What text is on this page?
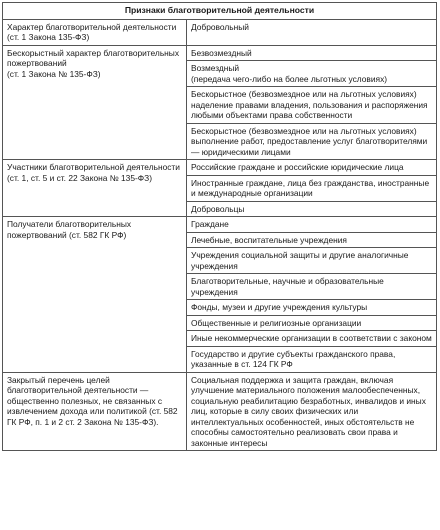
Признаки благотворительной деятельности	
Характер благотворительной деятельности
(ст. 1 Закона 135-ФЗ)	Добровольный
Бескорыстный характер благотворительных пожертвований
(ст. 1 Закона № 135-ФЗ)	Безвозмездный
	Возмездный
(передача чего-либо на более льготных условиях)
	Бескорыстное (безвозмездное или на льготных условиях) наделение правами владения, пользования и распоряжения любыми объектами права собственности
	Бескорыстное (безвозмездное или на льготных условиях) выполнение работ, предоставление услуг благотворителями — юридическими лицами
Участники благотворительной деятельности
(ст. 1, ст. 5 и ст. 22 Закона № 135-ФЗ)	Российские граждане и российские юридические лица
	Иностранные граждане, лица без гражданства, иностранные и международные организации
	Добровольцы
Получатели благотворительных пожертвований (ст. 582 ГК РФ)	Граждане
	Лечебные, воспитательные учреждения
	Учреждения социальной защиты и другие аналогичные учреждения
	Благотворительные, научные и образовательные учреждения
	Фонды, музеи и другие учреждения культуры
	Общественные и религиозные организации
	Иные некоммерческие организации в соответствии с законом
	Государство и другие субъекты гражданского права, указанные в ст. 124 ГК РФ
Закрытый перечень целей благотворительной деятельности — общественно полезных, не связанных с извлечением дохода или политикой (ст. 582 ГК РФ, п. 1 и 2 ст. 2 Закона № 135-ФЗ).	Социальная поддержка и защита граждан, включая улучшение материального положения малообеспеченных, социальную реабилитацию безработных, инвалидов и иных лиц, которые в силу своих физических или интеллектуальных особенностей, иных обстоятельств не способны самостоятельно реализовать свои права и законные интересы
